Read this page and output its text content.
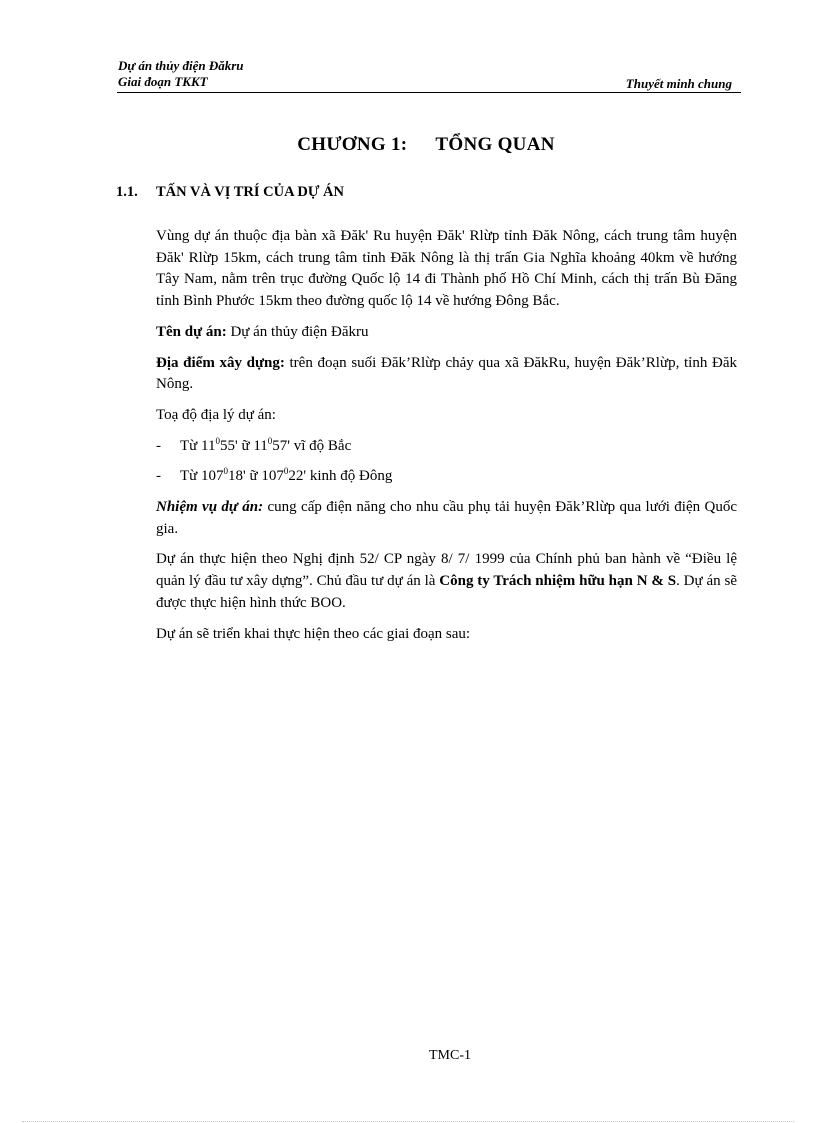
Dự án thủy điện Đăkru
Giai đoạn TKKT	Thuyết minh chung
CHƯƠNG 1: TỔNG QUAN
1.1. TẤN VÀ VỊ TRÍ CỦA DỰ ÁN

Vùng dự án thuộc địa bàn xã Đăk' Ru huyện Đăk' Rlừp tỉnh Đăk Nông, cách trung tâm huyện Đăk' Rlừp 15km, cách trung tâm tỉnh Đăk Nông là thị trấn Gia Nghĩa khoảng 40km về hướng Tây Nam, nằm trên trục đường Quốc lộ 14 đi Thành phố Hồ Chí Minh, cách thị trấn Bù Đăng tỉnh Bình Phước 15km theo đường quốc lộ 14 về hướng Đông Bắc.

Tên dự án: Dự án thủy điện Đăkru

Địa điểm xây dựng: trên đoạn suối Đăk’Rlừp chảy qua xã ĐăkRu, huyện Đăk’Rlừp, tỉnh Đăk Nông.

Toạ độ địa lý dự án:

-	Từ $11^055'$ ữ $11^057'$ vĩ độ Bắc
-	Từ $107^018'$ ữ $107^022'$ kinh độ Đông

Nhiệm vụ dự án: cung cấp điện năng cho nhu cầu phụ tải huyện Đăk’Rlừp qua lưới điện Quốc gia.

Dự án thực hiện theo Nghị định 52/ CP ngày 8/ 7/ 1999 của Chính phủ ban hành về “Điều lệ quản lý đầu tư xây dựng”. Chủ đầu tư dự án là Công ty Trách nhiệm hữu hạn N & S. Dự án sẽ được thực hiện hình thức BOO.

Dự án sẽ triển khai thực hiện theo các giai đoạn sau:

TMC-1
